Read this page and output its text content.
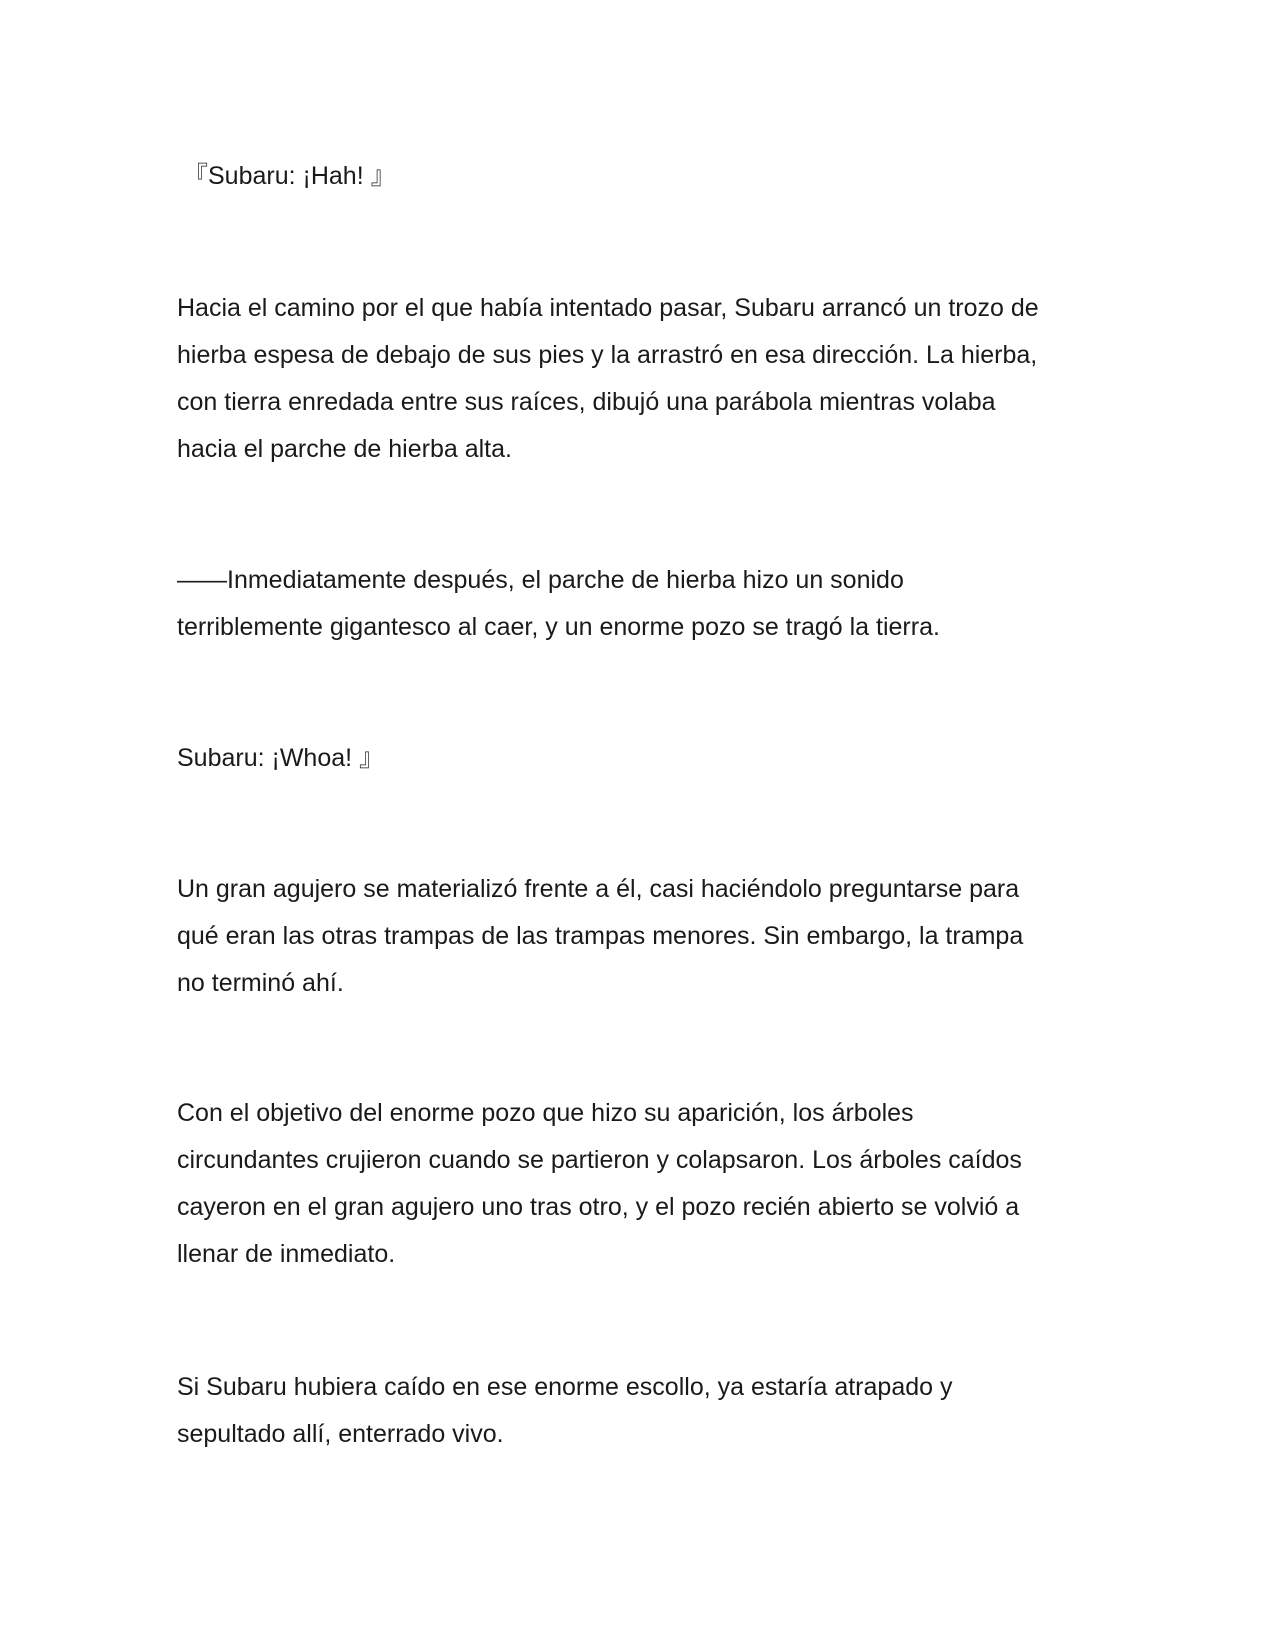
『Subaru: ¡Hah! 』

Hacia el camino por el que había intentado pasar, Subaru arrancó un trozo de
hierba espesa de debajo de sus pies y la arrastró en esa dirección. La hierba,
con tierra enredada entre sus raíces, dibujó una parábola mientras volaba
hacia el parche de hierba alta.

——Inmediatamente después, el parche de hierba hizo un sonido
terriblemente gigantesco al caer, y un enorme pozo se tragó la tierra.

Subaru: ¡Whoa! 』

Un gran agujero se materializó frente a él, casi haciéndolo preguntarse para
qué eran las otras trampas de las trampas menores. Sin embargo, la trampa
no terminó ahí.

Con el objetivo del enorme pozo que hizo su aparición, los árboles
circundantes crujieron cuando se partieron y colapsaron. Los árboles caídos
cayeron en el gran agujero uno tras otro, y el pozo recién abierto se volvió a
llenar de inmediato.

Si Subaru hubiera caído en ese enorme escollo, ya estaría atrapado y
sepultado allí, enterrado vivo.
